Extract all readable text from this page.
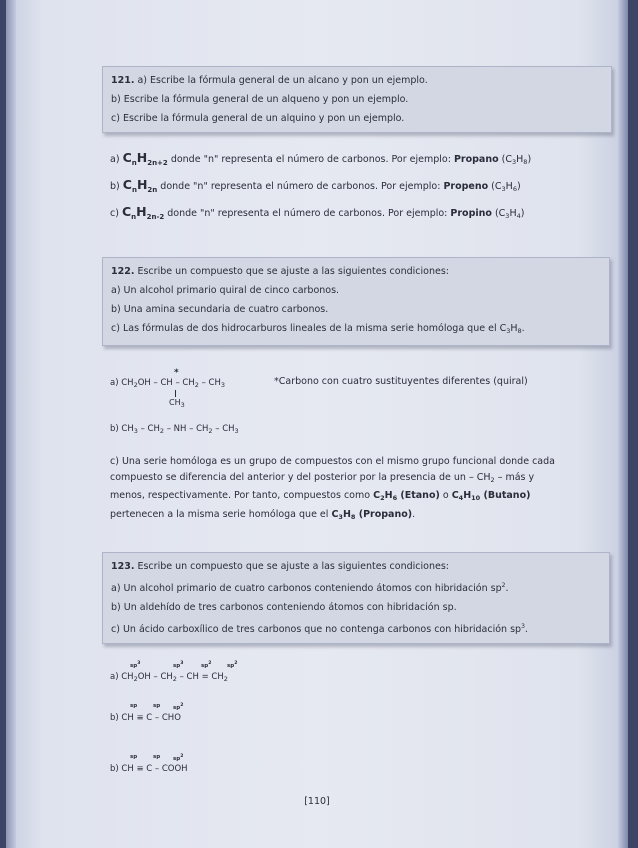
121. a) Escribe la fórmula general de un alcano y pon un ejemplo.

b) Escribe la fórmula general de un alqueno y pon un ejemplo.

c) Escribe la fórmula general de un alquino y pon un ejemplo.

a) $C_nH_{2n+2}$ donde "n" representa el número de carbonos. Por ejemplo: Propano $(C_3H_8)$
b) $C_nH_{2n}$ donde "n" representa el número de carbonos. Por ejemplo: Propeno $(C_3H_6)$
c) $C_nH_{2n-2}$ donde "n" representa el número de carbonos. Por ejemplo: Propino $(C_3H_4)$

122. Escribe un compuesto que se ajuste a las siguientes condiciones:

a) Un alcohol primario quiral de cinco carbonos.

b) Una amina secundaria de cuatro carbonos.

c) Las fórmulas de dos hidrocarburos lineales de la misma serie homóloga que el $C_3H_8$.

a) $CH_2OH$ – CH – $CH_2 - CH_3$
*
$CH_3$
*Carbono con cuatro sustituyentes diferentes (quiral)
b) $CH_3 - CH_2$ – NH – $CH_2 - CH_3$
c) Una serie homóloga es un grupo de compuestos con el mismo grupo funcional donde cada
compuesto se diferencia del anterior y del posterior por la presencia de un – $CH_2$ – más y
menos, respectivamente. Por tanto, compuestos como $C_2H_6$ (Etano) o $C_4H_{10}$ (Butano)
pertenecen a la misma serie homóloga que el $C_3H_8$ (Propano).

123. Escribe un compuesto que se ajuste a las siguientes condiciones:

a) Un alcohol primario de cuatro carbonos conteniendo átomos con hibridación $sp^2$.

b) Un aldehído de tres carbonos conteniendo átomos con hibridación sp.

c) Un ácido carboxílico de tres carbonos que no contenga carbonos con hibridación $sp^3$.

$sp^3$	$sp^3$	$sp^2$	$sp^2$
a) $CH_2OH - CH_2$ – CH = $CH_2$
sp	sp $sp^2$
b) CH ≡ C – CHO
sp	sp $sp^2$
b) CH ≡ C – COOH
[110]
